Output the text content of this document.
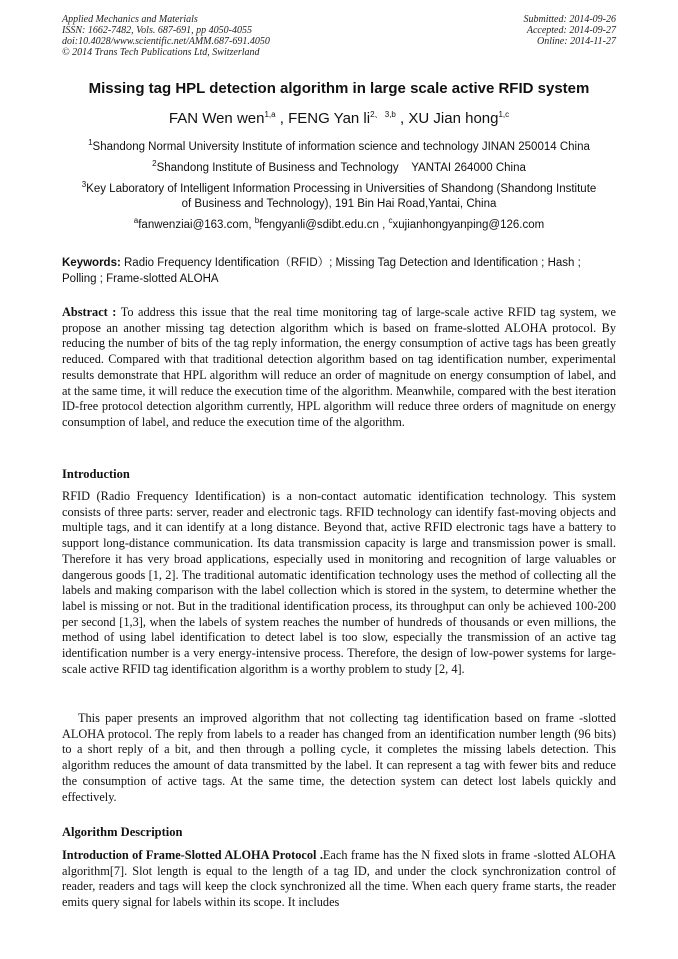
Applied Mechanics and Materials
ISSN: 1662-7482, Vols. 687-691, pp 4050-4055
doi:10.4028/www.scientific.net/AMM.687-691.4050
© 2014 Trans Tech Publications Ltd, Switzerland
Submitted: 2014-09-26
Accepted: 2014-09-27
Online: 2014-11-27
Missing tag HPL detection algorithm in large scale active RFID system
FAN Wen wen$^{1,a}$ , FENG Yan $li^{2、 3,b}$ , XU Jian hong$^{1,c}$
$^1$Shandong Normal University Institute of information science and technology JINAN 250014 China
$^2$Shandong Institute of Business and Technology    YANTAI 264000 China
$^3$Key Laboratory of Intelligent Information Processing in Universities of Shandong (Shandong Institute of Business and Technology), 191 Bin Hai Road,Yantai, China
$^a$fanwenziai@163.com, $^b$fengyanli@sdibt.edu.cn , $^c$xujianhongyanping@126.com
Keywords: Radio Frequency Identification（RFID）; Missing Tag Detection and Identification ; Hash ; Polling ; Frame-slotted ALOHA
Abstract : To address this issue that the real time monitoring tag of large-scale active RFID tag system, we propose an another missing tag detection algorithm which is based on frame-slotted ALOHA protocol. By reducing the number of bits of the tag reply information, the energy consumption of active tags has been greatly reduced. Compared with that traditional detection algorithm based on tag identification number, experimental results demonstrate that HPL algorithm will reduce an order of magnitude on energy consumption of label, and at the same time, it will reduce the execution time of the algorithm. Meanwhile, compared with the best iteration ID-free protocol detection algorithm currently, HPL algorithm will reduce three orders of magnitude on energy consumption of label, and reduce the execution time of the algorithm.
Introduction
RFID (Radio Frequency Identification) is a non-contact automatic identification technology. This system consists of three parts: server, reader and electronic tags. RFID technology can identify fast-moving objects and multiple tags, and it can identify at a long distance. Beyond that, active RFID electronic tags have a battery to support long-distance communication. Its data transmission capacity is large and transmission power is small. Therefore it has very broad applications, especially used in monitoring and recognition of large valuables or dangerous goods [1, 2]. The traditional automatic identification technology uses the method of collecting all the labels and making comparison with the label collection which is stored in the system, to determine whether the label is missing or not. But in the traditional identification process, its throughput can only be achieved 100-200 per second [1,3], when the labels of system reaches the number of hundreds of thousands or even millions, the method of using label identification to detect label is too slow, especially the transmission of an active tag identification number is a very energy-intensive process. Therefore, the design of low-power systems for large-scale active RFID tag identification algorithm is a worthy problem to study [2, 4].
This paper presents an improved algorithm that not collecting tag identification based on frame -slotted ALOHA protocol. The reply from labels to a reader has changed from an identification number length (96 bits) to a short reply of a bit, and then through a polling cycle, it completes the missing labels detection. This algorithm reduces the amount of data transmitted by the label. It can represent a tag with fewer bits and reduce the consumption of active tags. At the same time, the detection system can detect lost labels quickly and effectively.
Algorithm Description
Introduction of Frame-Slotted ALOHA Protocol .Each frame has the N fixed slots in frame -slotted ALOHA algorithm[7]. Slot length is equal to the length of a tag ID, and under the clock synchronization control of reader, readers and tags will keep the clock synchronized all the time. When each query frame starts, the reader emits query signal for labels within its scope. It includes
